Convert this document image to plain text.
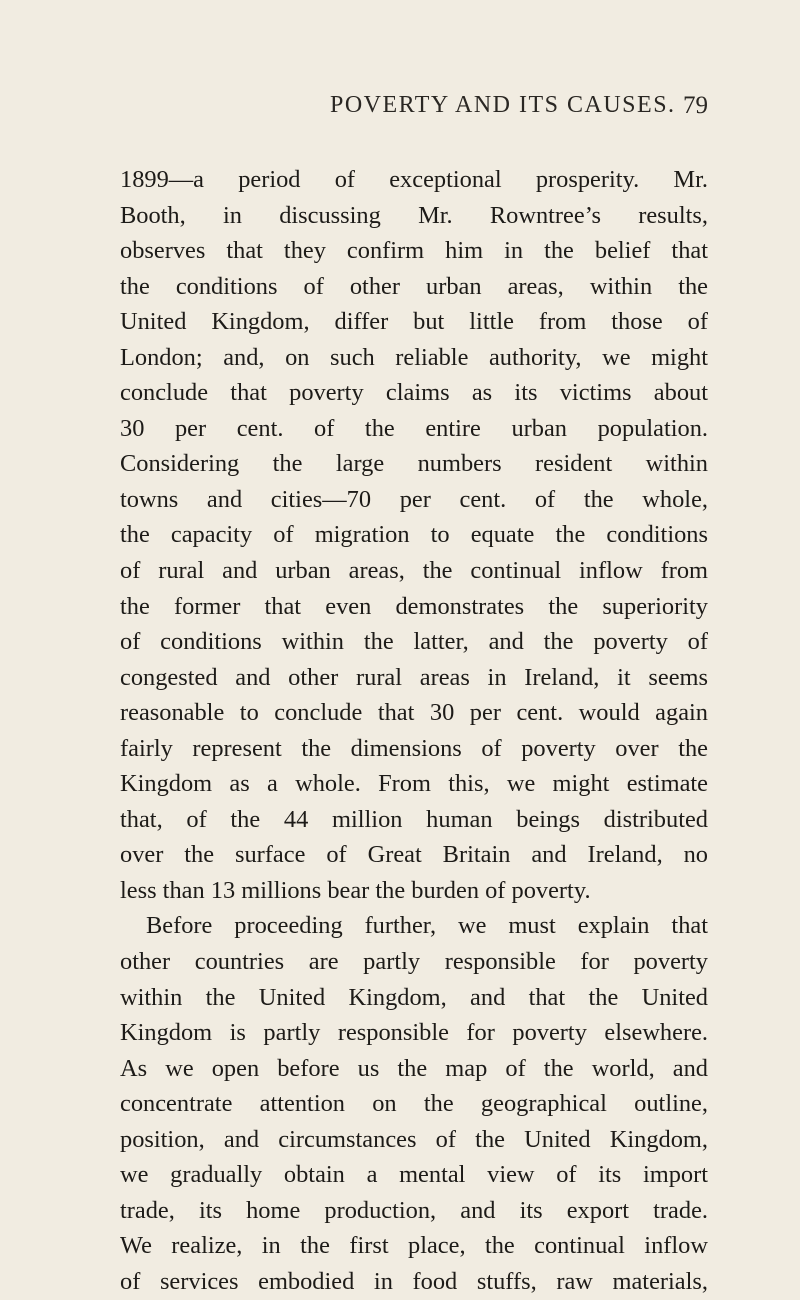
POVERTY AND ITS CAUSES. 79
1899—a period of exceptional prosperity. Mr.
Booth, in discussing Mr. Rowntree’s results,
observes that they confirm him in the belief that
the conditions of other urban areas, within the
United Kingdom, differ but little from those of
London; and, on such reliable authority, we might
conclude that poverty claims as its victims about
30 per cent. of the entire urban population.
Considering the large numbers resident within
towns and cities—70 per cent. of the whole,
the capacity of migration to equate the conditions
of rural and urban areas, the continual inflow from
the former that even demonstrates the superiority
of conditions within the latter, and the poverty of
congested and other rural areas in Ireland, it seems
reasonable to conclude that 30 per cent. would again
fairly represent the dimensions of poverty over the
Kingdom as a whole. From this, we might estimate
that, of the 44 million human beings distributed
over the surface of Great Britain and Ireland, no
less than 13 millions bear the burden of poverty.
Before proceeding further, we must explain that
other countries are partly responsible for poverty
within the United Kingdom, and that the United
Kingdom is partly responsible for poverty elsewhere.
As we open before us the map of the world, and
concentrate attention on the geographical outline,
position, and circumstances of the United Kingdom,
we gradually obtain a mental view of its import
trade, its home production, and its export trade.
We realize, in the first place, the continual inflow
of services embodied in food stuffs, raw materials,
